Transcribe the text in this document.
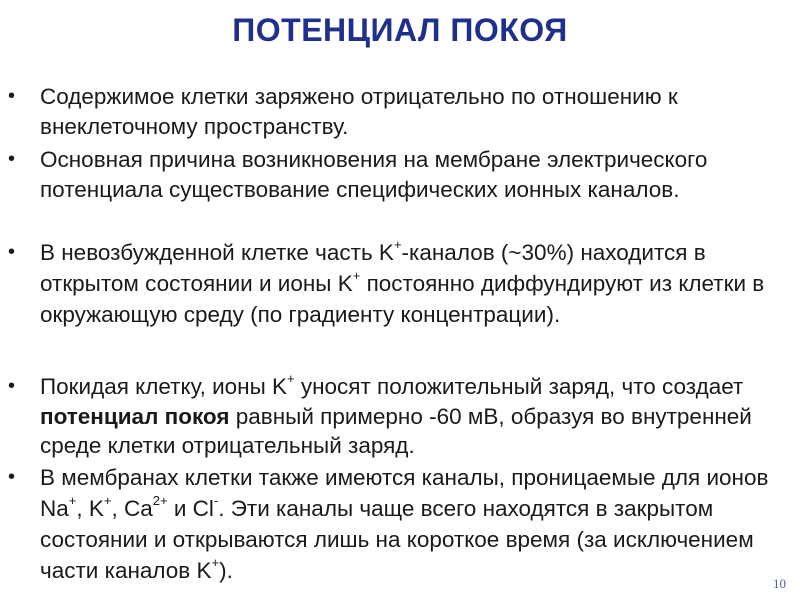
ПОТЕНЦИАЛ ПОКОЯ
• Содержимое клетки заряжено отрицательно по отношению к внеклеточному пространству.
• Основная причина возникновения на мембране электрического потенциала существование специфических ионных каналов.
• В невозбужденной клетке часть K+-каналов (~30%) находится в открытом состоянии и ионы K+ постоянно диффундируют из клетки в окружающую среду (по градиенту концентрации).
• Покидая клетку, ионы K+ уносят положительный заряд, что создает потенциал покоя равный примерно -60 мВ, образуя во внутренней среде клетки отрицательный заряд.
• В мембранах клетки также имеются каналы, проницаемые для ионов Na+, K+, $Ca^{2+}$ и Cl-. Эти каналы чаще всего находятся в закрытом состоянии и открываются лишь на короткое время (за исключением части каналов K+).
10
